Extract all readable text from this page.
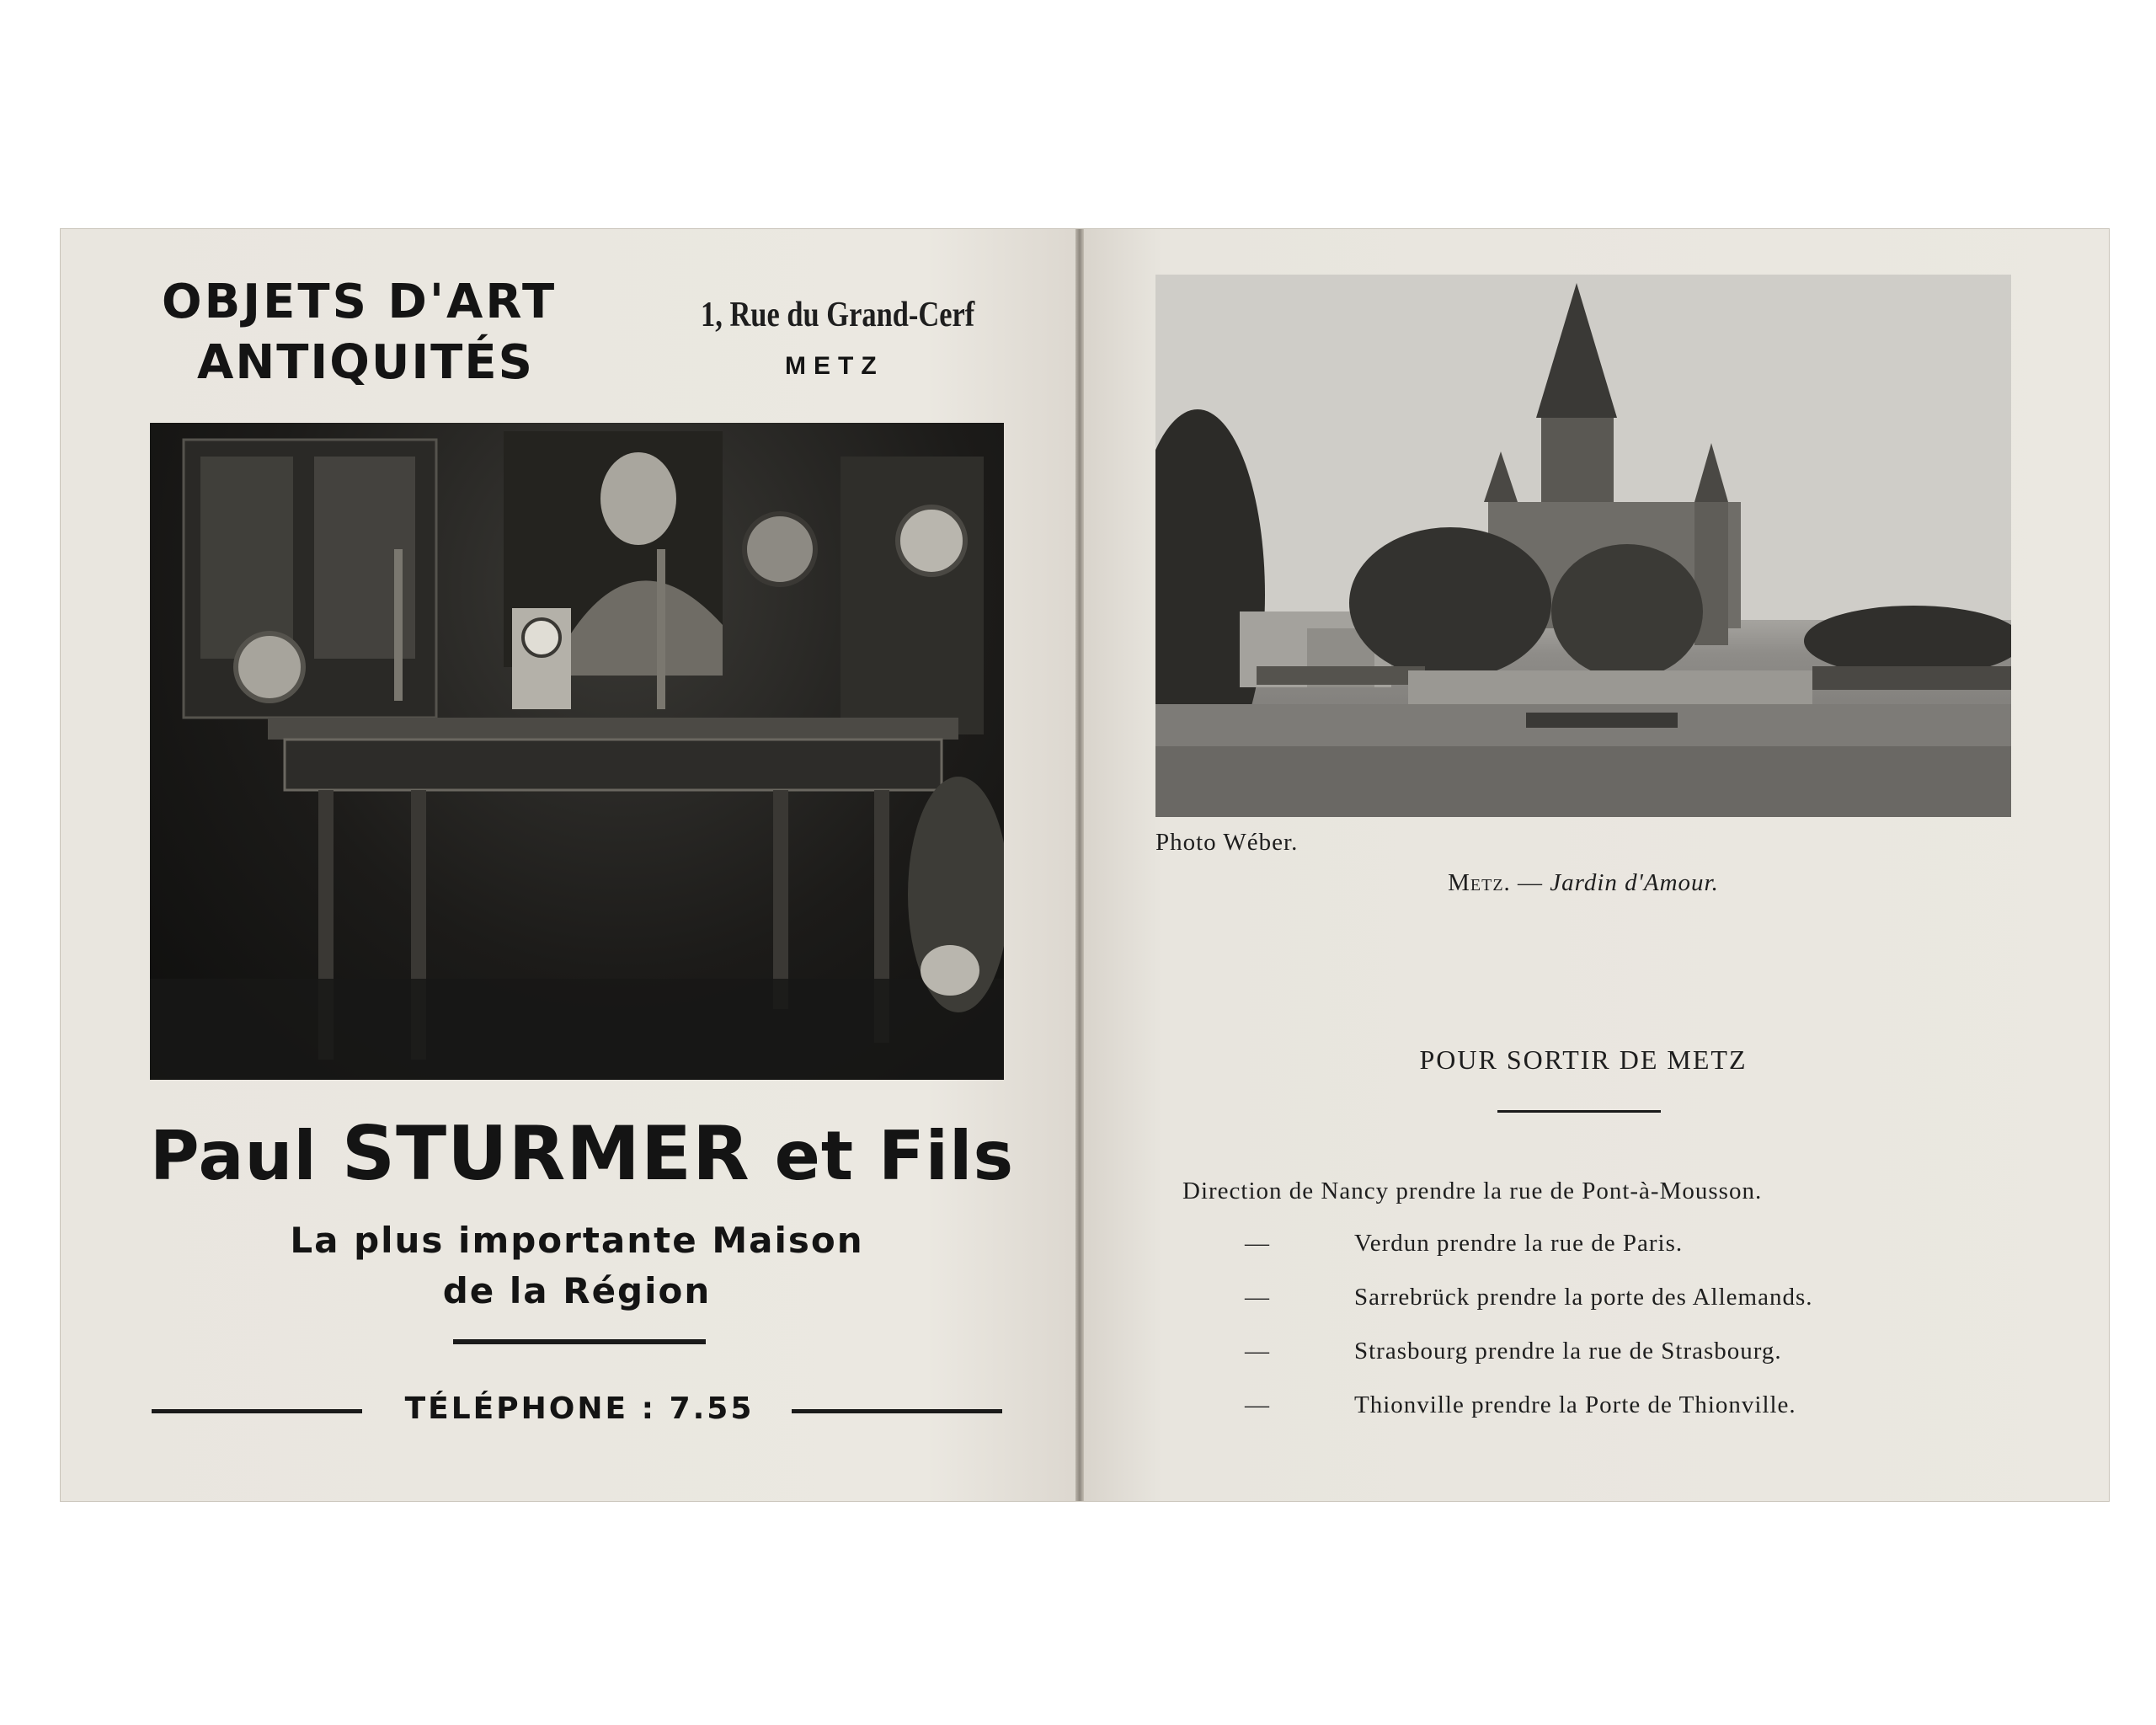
OBJETS D'ART
ANTIQUITÉS
1, Rue du Grand-Cerf
METZ
Paul STURMER et Fils
La plus importante Maison
de la Région
TÉLÉPHONE : 7.55
Photo Wéber.
Metz. — Jardin d'Amour.
POUR SORTIR DE METZ
Direction de Nancy prendre la rue de Pont-à-Mousson.
—	Verdun prendre la rue de Paris.
—	Sarrebrück prendre la porte des Allemands.
—	Strasbourg prendre la rue de Strasbourg.
—	Thionville prendre la Porte de Thionville.
